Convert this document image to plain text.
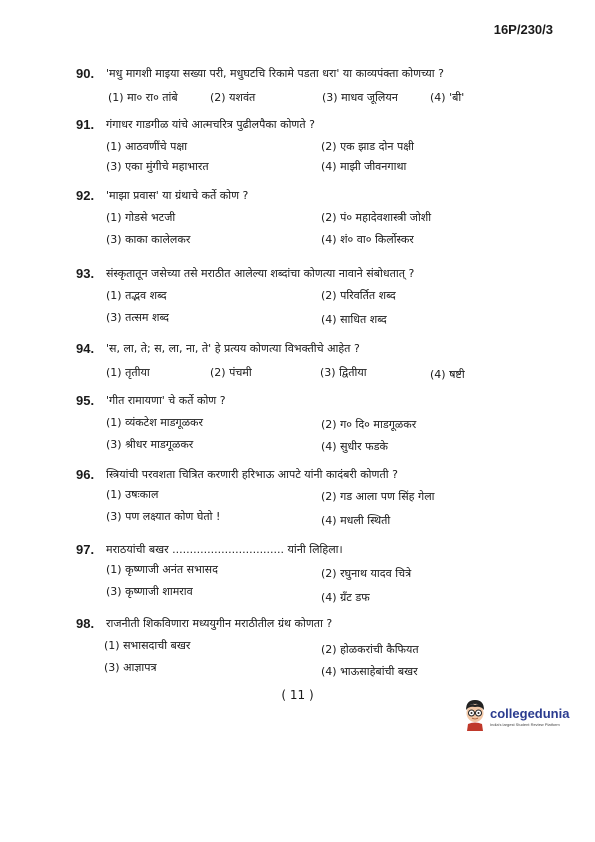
16P/230/3
90. 'मधु मागशी माइया सख्या परी, मधुघटचि रिकामे पडता धरा' या काव्यपंक्ता कोणच्या ?
(1) मा० रा० तांबे	(2) यशवंत	(3) माधव जूलियन	(4) 'बी'
91. गंगाधर गाडगीळ यांचे आत्मचरित्र पुढीलपैका कोणते ?
(1) आठवणींचे पक्षा	(2) एक झाड दोन पक्षी
(3) एका मुंगीचे महाभारत	(4) माझी जीवनगाथा
92. 'माझा प्रवास' या ग्रंथाचे कर्ते कोण ?
(1) गोडसे भटजी	(2) पं० महादेवशास्त्री जोशी
(3) काका कालेलकर	(4) शं० वा० किर्लोस्कर
93. संस्कृतातून जसेच्या तसे मराठीत आलेल्या शब्दांचा कोणत्या नावाने संबोधतात् ?
(1) तद्भव शब्द	(2) परिवर्तित शब्द
(3) तत्सम शब्द	(4) साधित शब्द
94. 'स, ला, ते; स, ला, ना, ते' हे प्रत्यय कोणत्या विभक्तीचे आहेत ?
(1) तृतीया	(2) पंचमी	(3) द्वितीया	(4) षष्टी
95. 'गीत रामायणा' चे कर्ते कोण ?
(1) व्यंकटेश माडगूळकर	(2) ग० दि० माडगूळकर
(3) श्रीधर माडगूळकर	(4) सुधीर फडके
96. स्त्रियांची परवशता चित्रित करणारी हरिभाऊ आपटे यांनी कादंबरी कोणती ?
(1) उषःकाल	(2) गड आला पण सिंह गेला
(3) पण लक्ष्यात कोण घेतो !	(4) मधली स्थिती
97. मराठयांची बखर ................................ यांनी लिहिला।
(1) कृष्णाजी अनंत सभासद	(2) रघुनाथ यादव चित्रे
(3) कृष्णाजी शामराव	(4) ग्रँट डफ
98. राजनीती शिकविणारा मध्ययुगीन मराठीतील ग्रंथ कोणता ?
(1) सभासदाची बखर	(2) होळकरांची कैफियत
(3) आज्ञापत्र	(4) भाऊसाहेबांची बखर
( 11 )
collegedunia
India's largest Student Review Platform
